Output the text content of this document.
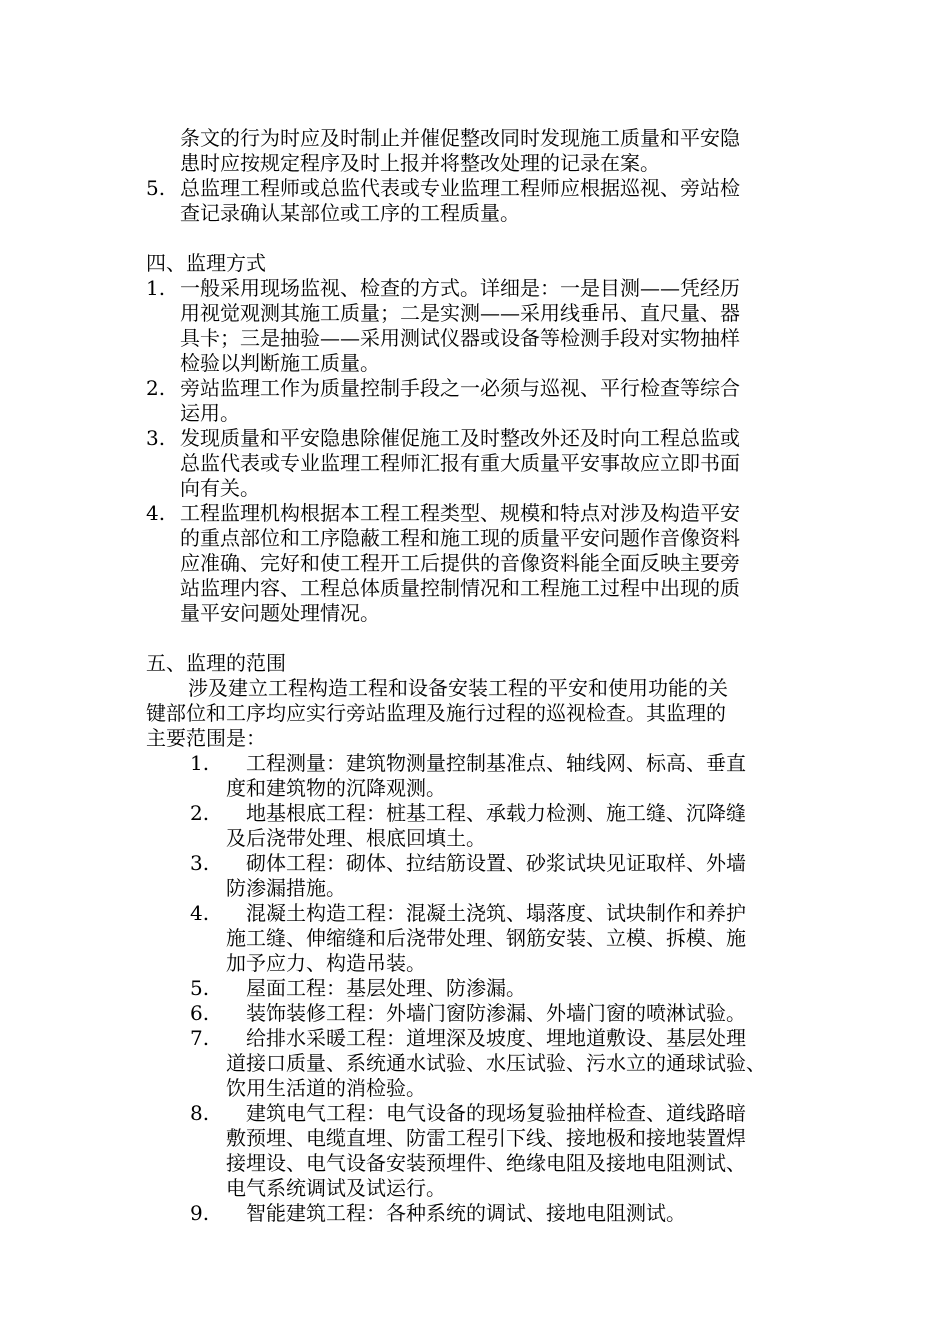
条文的行为时应及时制止并催促整改同时发现施工质量和平安隐
患时应按规定程序及时上报并将整改处理的记录在案。
5. 总监理工程师或总监代表或专业监理工程师应根据巡视、旁站检
查记录确认某部位或工序的工程质量。
四、监理方式
1. 一般采用现场监视、检查的方式。详细是：一是目测——凭经历
用视觉观测其施工质量；二是实测——采用线垂吊、直尺量、器
具卡；三是抽验——采用测试仪器或设备等检测手段对实物抽样
检验以判断施工质量。
2. 旁站监理工作为质量控制手段之一必须与巡视、平行检查等综合
运用。
3. 发现质量和平安隐患除催促施工及时整改外还及时向工程总监或
总监代表或专业监理工程师汇报有重大质量平安事故应立即书面
向有关。
4. 工程监理机构根据本工程工程类型、规模和特点对涉及构造平安
的重点部位和工序隐蔽工程和施工现的质量平安问题作音像资料
应准确、完好和使工程开工后提供的音像资料能全面反映主要旁
站监理内容、工程总体质量控制情况和工程施工过程中出现的质
量平安问题处理情况。
五、监理的范围
涉及建立工程构造工程和设备安装工程的平安和使用功能的关
键部位和工序均应实行旁站监理及施行过程的巡视检查。其监理的
主要范围是：
1. 工程测量：建筑物测量控制基准点、轴线网、标高、垂直
度和建筑物的沉降观测。
2. 地基根底工程：桩基工程、承载力检测、施工缝、沉降缝
及后浇带处理、根底回填土。
3. 砌体工程：砌体、拉结筋设置、砂浆试块见证取样、外墙
防渗漏措施。
4. 混凝土构造工程：混凝土浇筑、塌落度、试块制作和养护
施工缝、伸缩缝和后浇带处理、钢筋安装、立模、拆模、施
加予应力、构造吊装。
5. 屋面工程：基层处理、防渗漏。
6. 装饰装修工程：外墙门窗防渗漏、外墙门窗的喷淋试验。
7. 给排水采暖工程：道埋深及坡度、埋地道敷设、基层处理
道接口质量、系统通水试验、水压试验、污水立的通球试验、
饮用生活道的消检验。
8. 建筑电气工程：电气设备的现场复验抽样检查、道线路暗
敷预埋、电缆直埋、防雷工程引下线、接地极和接地装置焊
接埋设、电气设备安装预埋件、绝缘电阻及接地电阻测试、
电气系统调试及试运行。
9. 智能建筑工程：各种系统的调试、接地电阻测试。
